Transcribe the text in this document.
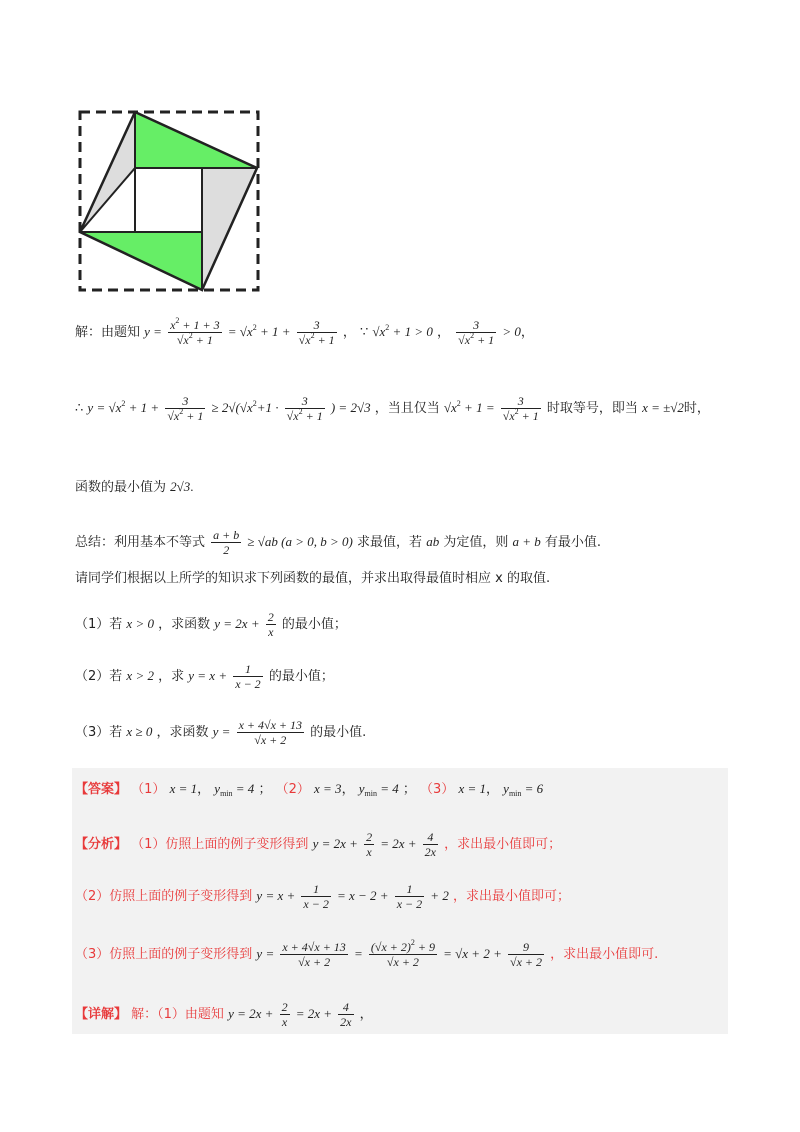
解：由题知 $y = \frac{x^2 + 1 + 3}{√x^2 + 1} = √x^2 + 1 + \frac{3}{√x^2 + 1}$ ， ∵ $√x^2 + 1 > 0$ ， $\frac{3}{√x^2 + 1} > 0$，
∴ $y = √x^2 + 1 + \frac{3}{√x^2 + 1} \ge 2√(√x^2+1 \cdot \frac{3}{√x^2 + 1}$ ) = 2√3 ，当且仅当 $√x^2 + 1 = \frac{3}{√x^2 + 1}$ 时取等号，即当 x = ±√2时，
函数的最小值为 2√3.
总结：利用基本不等式 $\frac{a + b}{2} \ge √ab$ (a > 0, b > 0) 求最值，若 ab 为定值，则 a + b 有最小值.
请同学们根据以上所学的知识求下列函数的最值，并求出取得最值时相应 x 的取值.
（1）若 x > 0 ，求函数 $y = 2x + \frac{2}{x}$ 的最小值；
（2）若 x > 2 ，求 $y = x + \frac{1}{x - 2}$ 的最小值；
（3）若 x ≥ 0 ，求函数 $y = \frac{x + 4√x + 13}{√x + 2}$ 的最小值.
【答案】 （1） x = 1， $y_{min} = 4$ ； （2） x = 3， $y_{min} = 4$ ； （3） x = 1， $y_{min} = 6$
【分析】 （1）仿照上面的例子变形得到 $y = 2x + \frac{2}{x} = 2x + \frac{4}{2x}$ ，求出最小值即可；
（2）仿照上面的例子变形得到 $y = x + \frac{1}{x - 2} = x - 2 + \frac{1}{x - 2} + 2$ ，求出最小值即可；
（3）仿照上面的例子变形得到 $y = \frac{x + 4√x + 13}{√x + 2} = \frac{(√x + 2)^2 + 9}{√x + 2} = √x + 2 + \frac{9}{√x + 2}$ ，求出最小值即可.
【详解】 解：（1）由题知 $y = 2x + \frac{2}{x} = 2x + \frac{4}{2x}$ ，
